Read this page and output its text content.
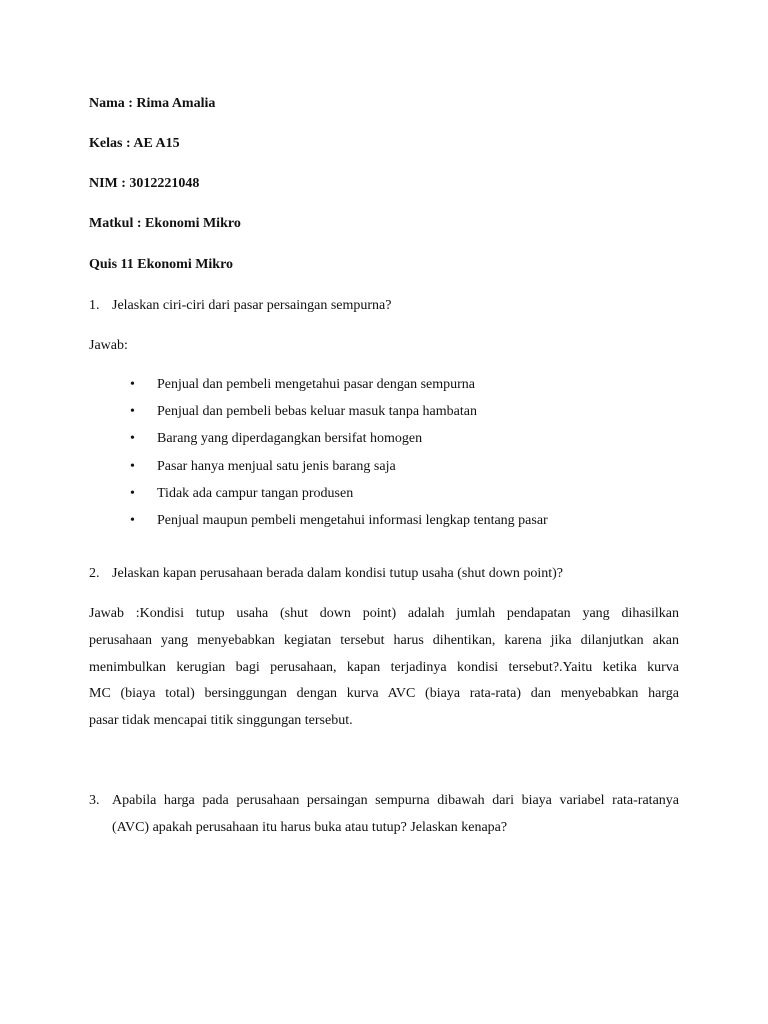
Nama : Rima Amalia
Kelas : AE A15
NIM : 3012221048
Matkul : Ekonomi Mikro
Quis 11 Ekonomi Mikro
1. Jelaskan ciri-ciri dari pasar persaingan sempurna?
Jawab:
• Penjual dan pembeli mengetahui pasar dengan sempurna
• Penjual dan pembeli bebas keluar masuk tanpa hambatan
• Barang yang diperdagangkan bersifat homogen
• Pasar hanya menjual satu jenis barang saja
• Tidak ada campur tangan produsen
• Penjual maupun pembeli mengetahui informasi lengkap tentang pasar
2. Jelaskan kapan perusahaan berada dalam kondisi tutup usaha (shut down point)?
Jawab :Kondisi tutup usaha (shut down point) adalah jumlah pendapatan yang dihasilkan
perusahaan yang menyebabkan kegiatan tersebut harus dihentikan, karena jika dilanjutkan akan
menimbulkan kerugian bagi perusahaan, kapan terjadinya kondisi tersebut?.Yaitu ketika kurva
MC (biaya total) bersinggungan dengan kurva AVC (biaya rata-rata) dan menyebabkan harga
pasar tidak mencapai titik singgungan tersebut.
3. Apabila harga pada perusahaan persaingan sempurna dibawah dari biaya variabel rata-ratanya
(AVC) apakah perusahaan itu harus buka atau tutup? Jelaskan kenapa?
